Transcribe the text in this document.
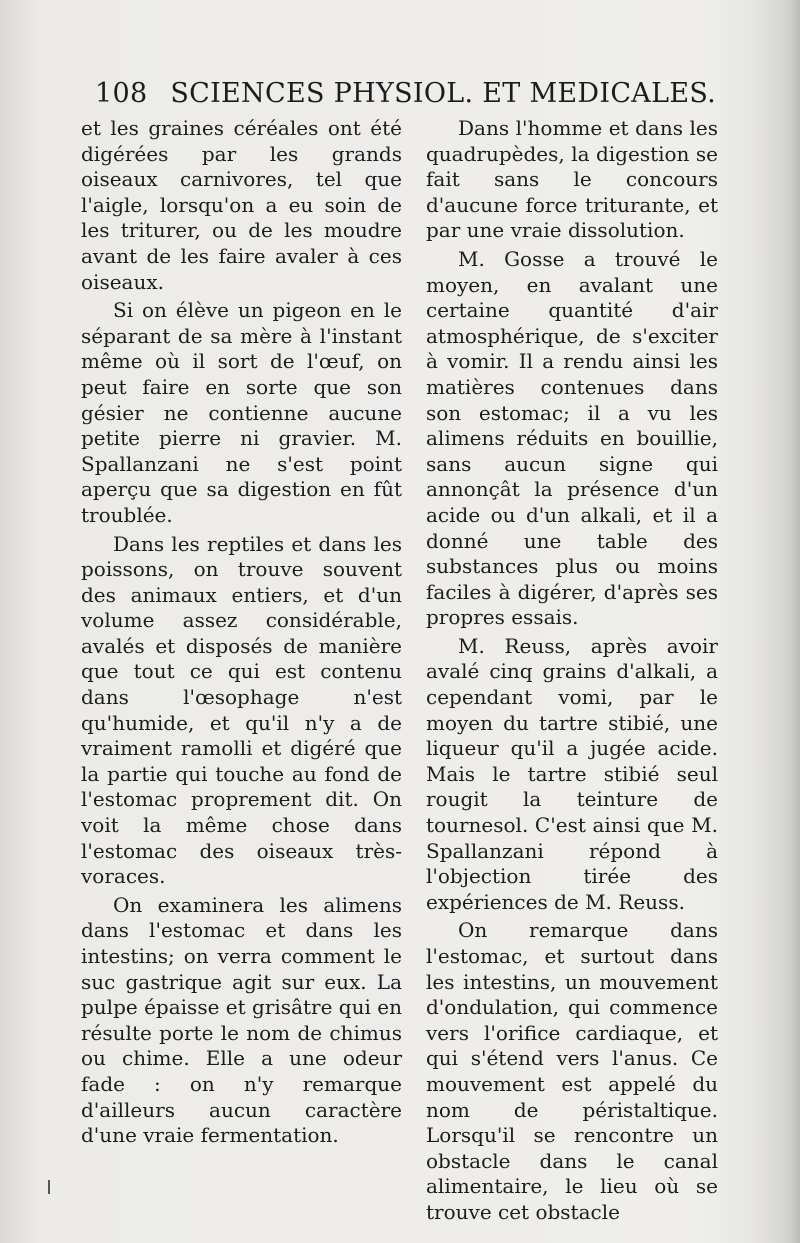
108 SCIENCES PHYSIOL. ET MEDICALES.

et les graines céréales ont été digérées par les grands oiseaux carnivores, tel que l'aigle, lorsqu'on a eu soin de les triturer, ou de les moudre avant de les faire avaler à ces oiseaux.

Si on élève un pigeon en le séparant de sa mère à l'instant même où il sort de l'œuf, on peut faire en sorte que son gésier ne contienne aucune petite pierre ni gravier. M. Spallanzani ne s'est point aperçu que sa digestion en fût troublée.

Dans les reptiles et dans les poissons, on trouve souvent des animaux entiers, et d'un volume assez considérable, avalés et disposés de manière que tout ce qui est contenu dans l'œsophage n'est qu'humide, et qu'il n'y a de vraiment ramolli et digéré que la partie qui touche au fond de l'estomac proprement dit. On voit la même chose dans l'estomac des oiseaux très-voraces.

On examinera les alimens dans l'estomac et dans les intestins; on verra comment le suc gastrique agit sur eux. La pulpe épaisse et grisâtre qui en résulte porte le nom de chimus ou chime. Elle a une odeur fade : on n'y remarque d'ailleurs aucun caractère d'une vraie fermentation.

Dans l'homme et dans les quadrupèdes, la digestion se fait sans le concours d'aucune force triturante, et par une vraie dissolution.

M. Gosse a trouvé le moyen, en avalant une certaine quantité d'air atmosphérique, de s'exciter à vomir. Il a rendu ainsi les matières contenues dans son estomac; il a vu les alimens réduits en bouillie, sans aucun signe qui annonçât la présence d'un acide ou d'un alkali, et il a donné une table des substances plus ou moins faciles à digérer, d'après ses propres essais.

M. Reuss, après avoir avalé cinq grains d'alkali, a cependant vomi, par le moyen du tartre stibié, une liqueur qu'il a jugée acide. Mais le tartre stibié seul rougit la teinture de tournesol. C'est ainsi que M. Spallanzani répond à l'objection tirée des expériences de M. Reuss.

On remarque dans l'estomac, et surtout dans les intestins, un mouvement d'ondulation, qui commence vers l'orifice cardiaque, et qui s'étend vers l'anus. Ce mouvement est appelé du nom de péristaltique. Lorsqu'il se rencontre un obstacle dans le canal alimentaire, le lieu où se trouve cet obstacle
